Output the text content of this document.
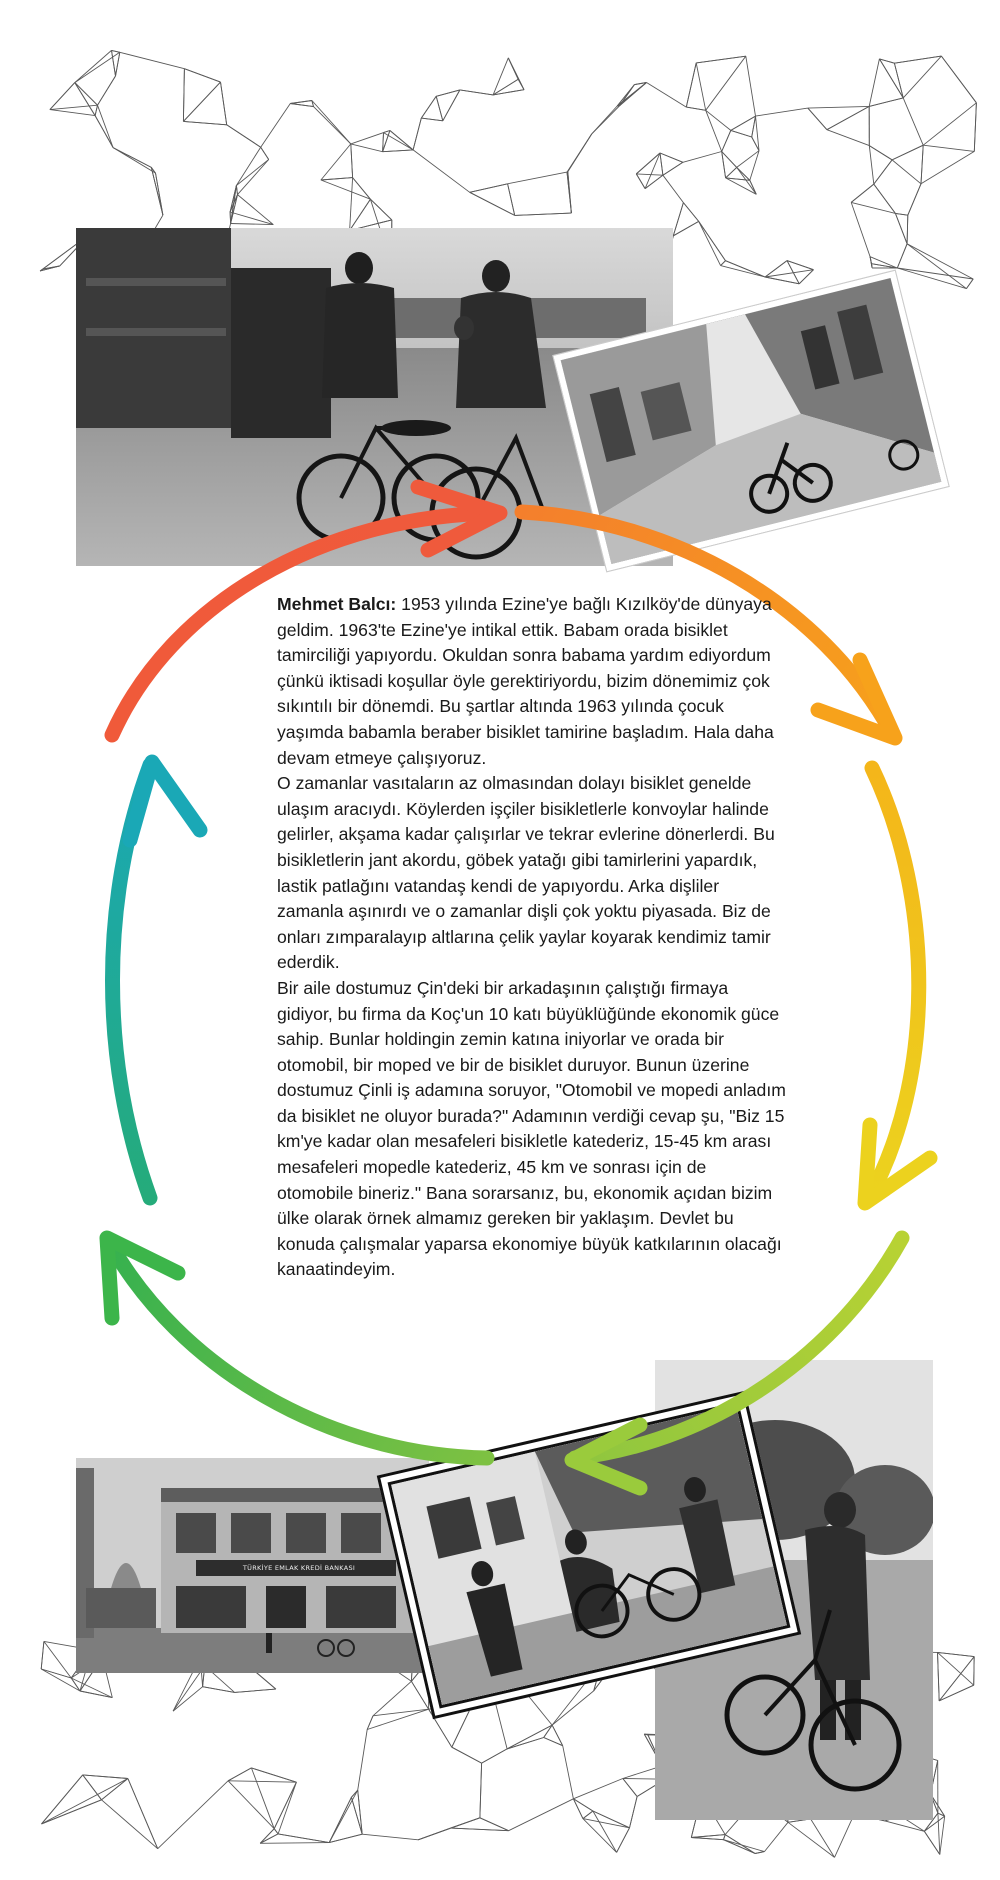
TÜRKİYE EMLAK KREDİ BANKASI

Mehmet Balcı: 1953 yılında Ezine'ye bağlı Kızılköy'de dünyaya geldim. 1963'te Ezine'ye intikal ettik. Babam orada bisiklet tamirciliği yapıyordu. Okuldan sonra babama yardım ediyordum çünkü iktisadi koşullar öyle gerektiriyordu, bizim dönemimiz çok sıkıntılı bir dönemdi. Bu şartlar altında 1963 yılında çocuk yaşımda babamla beraber bisiklet tamirine başladım. Hala daha devam etmeye çalışıyoruz.
O zamanlar vasıtaların az olmasından dolayı bisiklet genelde ulaşım aracıydı. Köylerden işçiler bisikletlerle konvoylar halinde gelirler, akşama kadar çalışırlar ve tekrar evlerine dönerlerdi. Bu bisikletlerin jant akordu, göbek yatağı gibi tamirlerini yapardık, lastik patlağını vatandaş kendi de yapıyordu. Arka dişliler zamanla aşınırdı ve o zamanlar dişli çok yoktu piyasada. Biz de onları zımparalayıp altlarına çelik yaylar koyarak kendimiz tamir ederdik.
Bir aile dostumuz Çin'deki bir arkadaşının çalıştığı firmaya gidiyor, bu firma da Koç'un 10 katı büyüklüğünde ekonomik güce sahip. Bunlar holdingin zemin katına iniyorlar ve orada bir otomobil, bir moped ve bir de bisiklet duruyor. Bunun üzerine dostumuz Çinli iş adamına soruyor, "Otomobil ve mopedi anladım da bisiklet ne oluyor burada?" Adamının verdiği cevap şu, "Biz 15 km'ye kadar olan mesafeleri bisikletle katederiz, 15-45 km arası mesafeleri mopedle katederiz, 45 km ve sonrası için de otomobile bineriz." Bana sorarsanız, bu, ekonomik açıdan bizim ülke olarak örnek almamız gereken bir yaklaşım. Devlet bu konuda çalışmalar yaparsa ekonomiye büyük katkılarının olacağı kanaatindeyim.
